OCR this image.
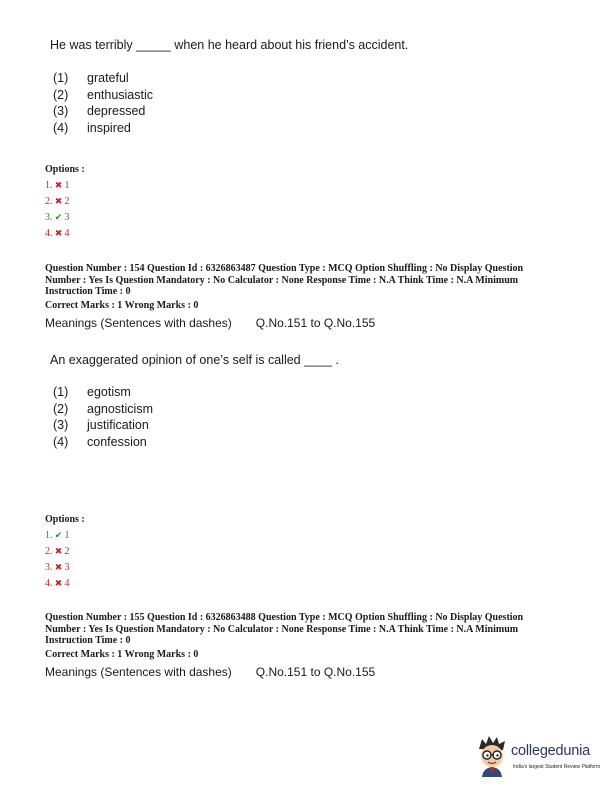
He was terribly _____ when he heard about his friend’s accident.
(1) grateful
(2) enthusiastic
(3) depressed
(4) inspired
Options :
1. ✖ 1
2. ✖ 2
3. ✔ 3
4. ✖ 4
Question Number : 154 Question Id : 6326863487 Question Type : MCQ Option Shuffling : No Display Question
Number : Yes Is Question Mandatory : No Calculator : None Response Time : N.A Think Time : N.A Minimum
Instruction Time : 0
Correct Marks : 1 Wrong Marks : 0
Meanings (Sentences with dashes) Q.No.151 to Q.No.155
An exaggerated opinion of one’s self is called ____ .
(1) egotism
(2) agnosticism
(3) justification
(4) confession
Options :
1. ✔ 1
2. ✖ 2
3. ✖ 3
4. ✖ 4
Question Number : 155 Question Id : 6326863488 Question Type : MCQ Option Shuffling : No Display Question
Number : Yes Is Question Mandatory : No Calculator : None Response Time : N.A Think Time : N.A Minimum
Instruction Time : 0
Correct Marks : 1 Wrong Marks : 0
Meanings (Sentences with dashes) Q.No.151 to Q.No.155
collegedunia
India's largest Student Review Platform
